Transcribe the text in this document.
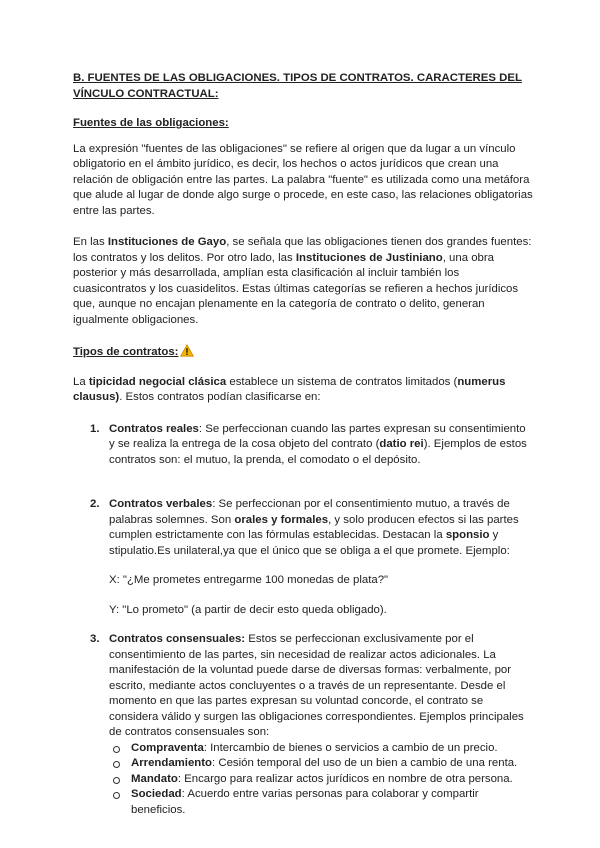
B. FUENTES DE LAS OBLIGACIONES. TIPOS DE CONTRATOS. CARACTERES DEL
VÍNCULO CONTRACTUAL:

Fuentes de las obligaciones:

La expresión "fuentes de las obligaciones" se refiere al origen que da lugar a un vínculo obligatorio en el ámbito jurídico, es decir, los hechos o actos jurídicos que crean una relación de obligación entre las partes. La palabra "fuente" es utilizada como una metáfora que alude al lugar de donde algo surge o procede, en este caso, las relaciones obligatorias entre las partes.

En las Instituciones de Gayo, se señala que las obligaciones tienen dos grandes fuentes: los contratos y los delitos. Por otro lado, las Instituciones de Justiniano, una obra posterior y más desarrollada, amplían esta clasificación al incluir también los cuasicontratos y los cuasidelitos. Estas últimas categorías se refieren a hechos jurídicos que, aunque no encajan plenamente en la categoría de contrato o delito, generan igualmente obligaciones.

Tipos de contratos:

La tipicidad negocial clásica establece un sistema de contratos limitados (numerus clausus). Estos contratos podían clasificarse en:

1. Contratos reales: Se perfeccionan cuando las partes expresan su consentimiento y se realiza la entrega de la cosa objeto del contrato (datio rei). Ejemplos de estos contratos son: el mutuo, la prenda, el comodato o el depósito.

2. Contratos verbales: Se perfeccionan por el consentimiento mutuo, a través de palabras solemnes. Son orales y formales, y solo producen efectos si las partes cumplen estrictamente con las fórmulas establecidas. Destacan la sponsio y stipulatio.Es unilateral,ya que el único que se obliga a el que promete. Ejemplo:

X: "¿Me prometes entregarme 100 monedas de plata?"

Y: "Lo prometo" (a partir de decir esto queda obligado).

3. Contratos consensuales: Estos se perfeccionan exclusivamente por el consentimiento de las partes, sin necesidad de realizar actos adicionales. La manifestación de la voluntad puede darse de diversas formas: verbalmente, por escrito, mediante actos concluyentes o a través de un representante. Desde el momento en que las partes expresan su voluntad concorde, el contrato se considera válido y surgen las obligaciones correspondientes. Ejemplos principales de contratos consensuales son:

Compraventa: Intercambio de bienes o servicios a cambio de un precio.
Arrendamiento: Cesión temporal del uso de un bien a cambio de una renta.
Mandato: Encargo para realizar actos jurídicos en nombre de otra persona.
Sociedad: Acuerdo entre varias personas para colaborar y compartir beneficios.
